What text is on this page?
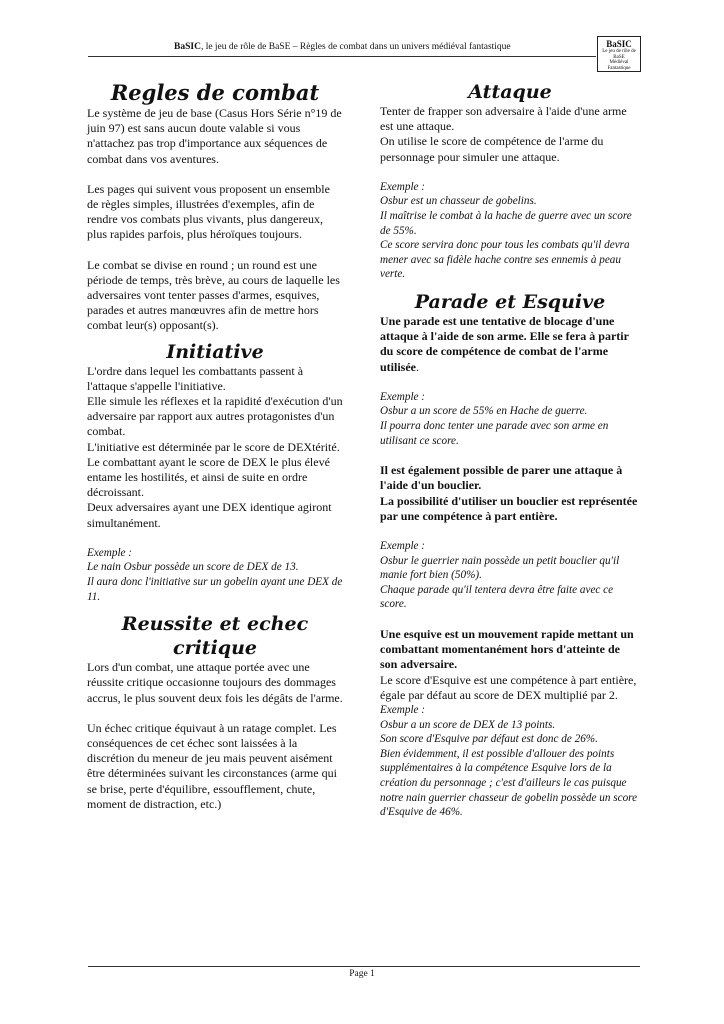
BaSIC, le jeu de rôle de BaSE – Règles de combat dans un univers médiéval fantastique	BaSIC
Le jeu de rôle de
BaSE
Médiéval
Fantastique
Regles de combat

Le système de jeu de base (Casus Hors Série n°19 de juin 97) est sans aucun doute valable si vous n'attachez pas trop d'importance aux séquences de combat dans vos aventures.

Les pages qui suivent vous proposent un ensemble de règles simples, illustrées d'exemples, afin de rendre vos combats plus vivants, plus dangereux, plus rapides parfois, plus héroïques toujours.

Le combat se divise en round ; un round est une période de temps, très brève, au cours de laquelle les adversaires vont tenter passes d'armes, esquives, parades et autres manœuvres afin de mettre hors combat leur(s) opposant(s).

Initiative

L'ordre dans lequel les combattants passent à l'attaque s'appelle l'initiative.

Elle simule les réflexes et la rapidité d'exécution d'un adversaire par rapport aux autres protagonistes d'un combat.

L'initiative est déterminée par le score de DEXtérité.

Le combattant ayant le score de DEX le plus élevé entame les hostilités, et ainsi de suite en ordre décroissant.

Deux adversaires ayant une DEX identique agiront simultanément.

Exemple :

Le nain Osbur possède un score de DEX de 13.

Il aura donc l'initiative sur un gobelin ayant une DEX de 11.

Reussite et echec critique

Lors d'un combat, une attaque portée avec une réussite critique occasionne toujours des dommages accrus, le plus souvent deux fois les dégâts de l'arme.

Un échec critique équivaut à un ratage complet. Les conséquences de cet échec sont laissées à la discrétion du meneur de jeu mais peuvent aisément être déterminées suivant les circonstances (arme qui se brise, perte d'équilibre, essoufflement, chute, moment de distraction, etc.)

Attaque

Tenter de frapper son adversaire à l'aide d'une arme est une attaque.

On utilise le score de compétence de l'arme du personnage pour simuler une attaque.

Exemple :

Osbur est un chasseur de gobelins.

Il maîtrise le combat à la hache de guerre avec un score de 55%.

Ce score servira donc pour tous les combats qu'il devra mener avec sa fidèle hache contre ses ennemis à peau verte.

Parade et Esquive

Une parade est une tentative de blocage d'une attaque à l'aide de son arme. Elle se fera à partir du score de compétence de combat de l'arme utilisée.

Exemple :

Osbur a un score de 55% en Hache de guerre.

Il pourra donc tenter une parade avec son arme en utilisant ce score.

Il est également possible de parer une attaque à l'aide d'un bouclier.

La possibilité d'utiliser un bouclier est représentée par une compétence à part entière.

Exemple :

Osbur le guerrier nain possède un petit bouclier qu'il manie fort bien (50%).

Chaque parade qu'il tentera devra être faite avec ce score.

Une esquive est un mouvement rapide mettant un combattant momentanément hors d'atteinte de son adversaire.

Le score d'Esquive est une compétence à part entière, égale par défaut au score de DEX multiplié par 2.

Exemple :

Osbur a un score de DEX de 13 points.

Son score d'Esquive par défaut est donc de 26%.

Bien évidemment, il est possible d'allouer des points supplémentaires à la compétence Esquive lors de la création du personnage ; c'est d'ailleurs le cas puisque notre nain guerrier chasseur de gobelin possède un score d'Esquive de 46%.

Page 1
